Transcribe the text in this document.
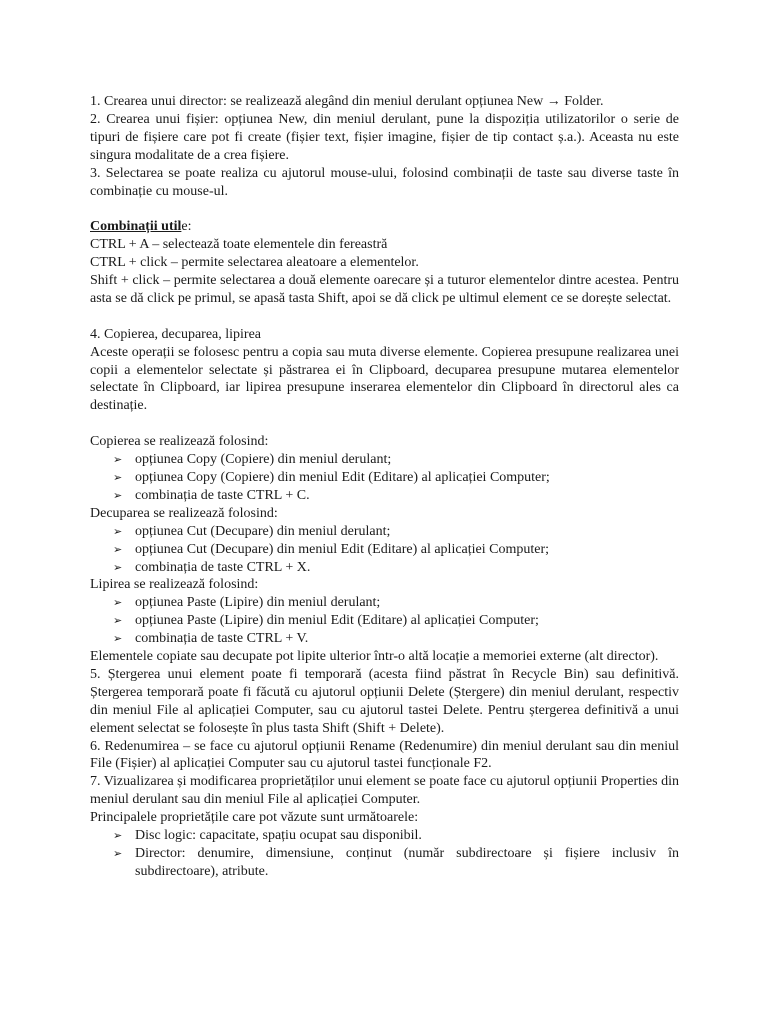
1. Crearea unui director: se realizează alegând din meniul derulant opțiunea New → Folder.

2. Crearea unui fișier: opțiunea New, din meniul derulant, pune la dispoziția utilizatorilor o serie de tipuri de fișiere care pot fi create (fișier text, fișier imagine, fișier de tip contact ș.a.). Aceasta nu este singura modalitate de a crea fișiere.

3. Selectarea se poate realiza cu ajutorul mouse-ului, folosind combinații de taste sau diverse taste în combinație cu mouse-ul.

Combinații utile:

CTRL + A – selectează toate elementele din fereastră

CTRL + click – permite selectarea aleatoare a elementelor.

Shift + click – permite selectarea a două elemente oarecare și a tuturor elementelor dintre acestea. Pentru asta se dă click pe primul, se apasă tasta Shift, apoi se dă click pe ultimul element ce se dorește selectat.

4. Copierea, decuparea, lipirea

Aceste operații se folosesc pentru a copia sau muta diverse elemente. Copierea presupune realizarea unei copii a elementelor selectate și păstrarea ei în Clipboard, decuparea presupune mutarea elementelor selectate în Clipboard, iar lipirea presupune inserarea elementelor din Clipboard în directorul ales ca destinație.

Copierea se realizează folosind:

➢ opțiunea Copy (Copiere) din meniul derulant;
➢ opțiunea Copy (Copiere) din meniul Edit (Editare) al aplicației Computer;
➢ combinația de taste CTRL + C.

Decuparea se realizează folosind:

➢ opțiunea Cut (Decupare) din meniul derulant;
➢ opțiunea Cut (Decupare) din meniul Edit (Editare) al aplicației Computer;
➢ combinația de taste CTRL + X.

Lipirea se realizează folosind:

➢ opțiunea Paste (Lipire) din meniul derulant;
➢ opțiunea Paste (Lipire) din meniul Edit (Editare) al aplicației Computer;
➢ combinația de taste CTRL + V.

Elementele copiate sau decupate pot lipite ulterior într-o altă locație a memoriei externe (alt director).

5. Ștergerea unui element poate fi temporară (acesta fiind păstrat în Recycle Bin) sau definitivă. Ștergerea temporară poate fi făcută cu ajutorul opțiunii Delete (Ștergere) din meniul derulant, respectiv din meniul File al aplicației Computer, sau cu ajutorul tastei Delete. Pentru ștergerea definitivă a unui element selectat se folosește în plus tasta Shift (Shift + Delete).

6. Redenumirea – se face cu ajutorul opțiunii Rename (Redenumire) din meniul derulant sau din meniul File (Fișier) al aplicației Computer sau cu ajutorul tastei funcționale F2.

7. Vizualizarea și modificarea proprietăților unui element se poate face cu ajutorul opțiunii Properties din meniul derulant sau din meniul File al aplicației Computer.

Principalele proprietățile care pot văzute sunt următoarele:

➢ Disc logic: capacitate, spațiu ocupat sau disponibil.
➢ Director: denumire, dimensiune, conținut (număr subdirectoare și fișiere inclusiv în subdirectoare), atribute.
